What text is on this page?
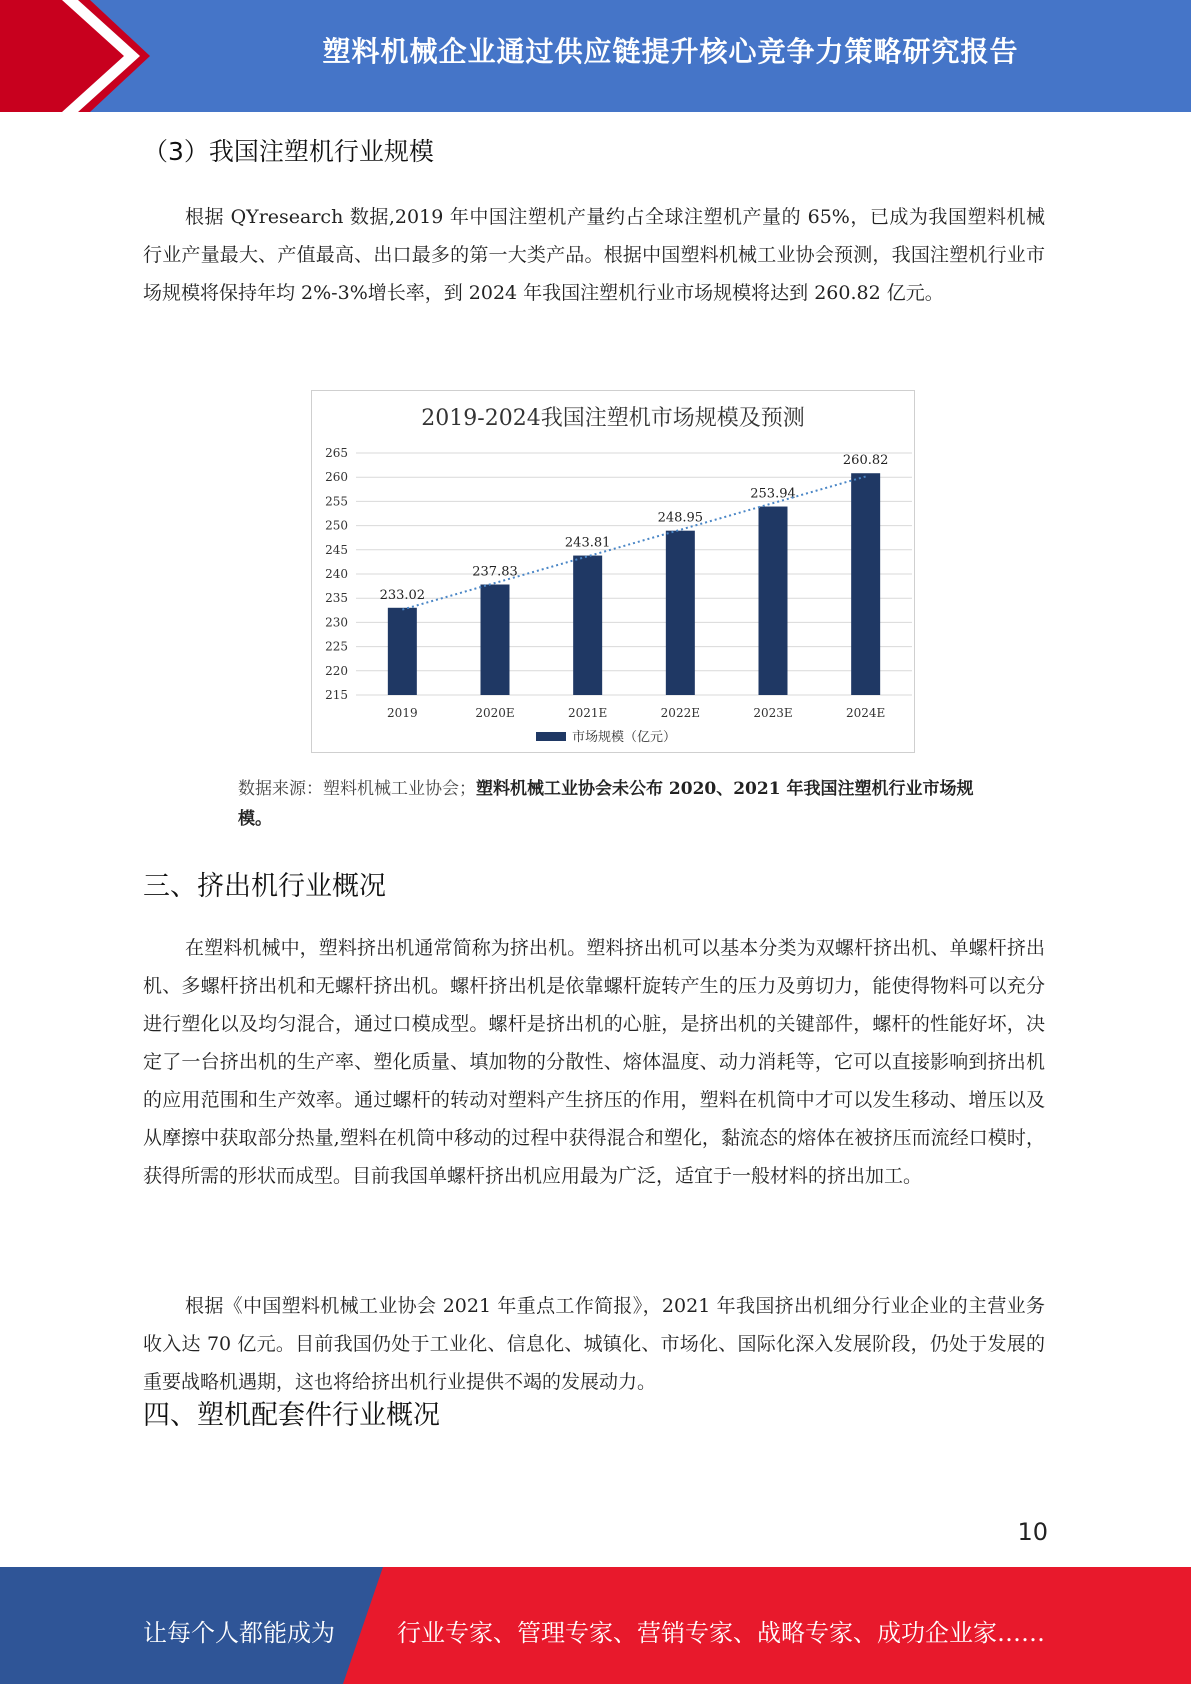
塑料机械企业通过供应链提升核心竞争力策略研究报告
（3）我国注塑机行业规模
根据 QYresearch 数据,2019 年中国注塑机产量约占全球注塑机产量的 65%，已成为我国塑料机械行业产量最大、产值最高、出口最多的第一大类产品。根据中国塑料机械工业协会预测，我国注塑机行业市场规模将保持年均 2%-3%增长率，到 2024 年我国注塑机行业市场规模将达到 260.82 亿元。
2019-2024我国注塑机市场规模及预测
215
220
225
230
235
240
245
250
255
260
265
233.02
2019
237.83
2020E
243.81
2021E
248.95
2022E
253.94
2023E
260.82
2024E
市场规模（亿元）
数据来源：塑料机械工业协会；塑料机械工业协会未公布 2020、2021 年我国注塑机行业市场规模。
三、挤出机行业概况
在塑料机械中，塑料挤出机通常简称为挤出机。塑料挤出机可以基本分类为双螺杆挤出机、单螺杆挤出机、多螺杆挤出机和无螺杆挤出机。螺杆挤出机是依靠螺杆旋转产生的压力及剪切力，能使得物料可以充分进行塑化以及均匀混合，通过口模成型。螺杆是挤出机的心脏，是挤出机的关键部件，螺杆的性能好坏，决定了一台挤出机的生产率、塑化质量、填加物的分散性、熔体温度、动力消耗等，它可以直接影响到挤出机的应用范围和生产效率。通过螺杆的转动对塑料产生挤压的作用，塑料在机筒中才可以发生移动、增压以及从摩擦中获取部分热量,塑料在机筒中移动的过程中获得混合和塑化，黏流态的熔体在被挤压而流经口模时，获得所需的形状而成型。目前我国单螺杆挤出机应用最为广泛，适宜于一般材料的挤出加工。
根据《中国塑料机械工业协会 2021 年重点工作简报》，2021 年我国挤出机细分行业企业的主营业务收入达 70 亿元。目前我国仍处于工业化、信息化、城镇化、市场化、国际化深入发展阶段，仍处于发展的重要战略机遇期，这也将给挤出机行业提供不竭的发展动力。
四、塑机配套件行业概况
10
让每个人都能成为	行业专家、管理专家、营销专家、战略专家、成功企业家……
